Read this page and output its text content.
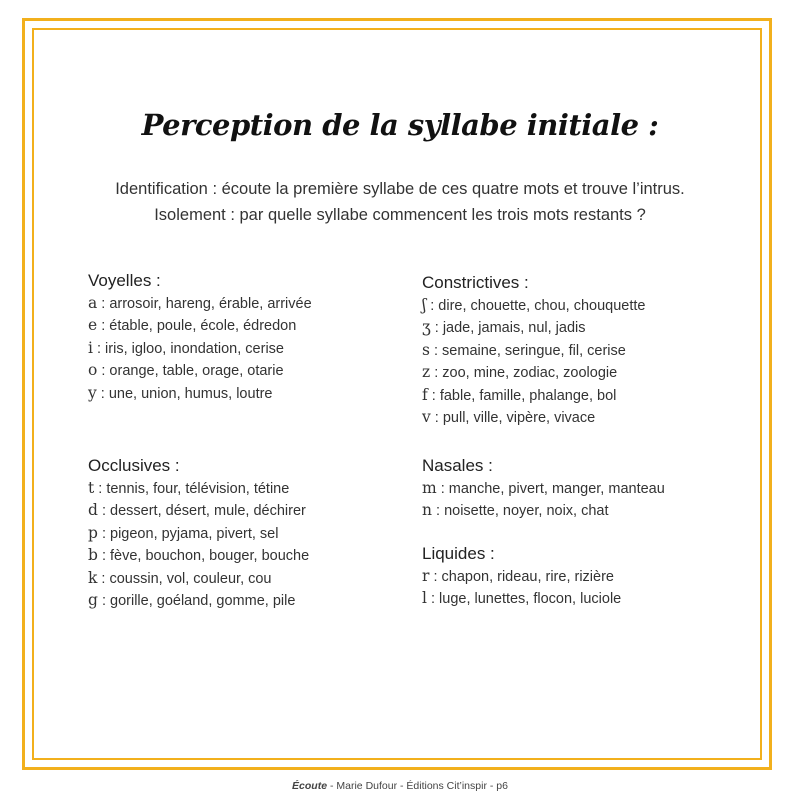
Perception de la syllabe initiale :
Identification : écoute la première syllabe de ces quatre mots et trouve l’intrus.
Isolement : par quelle syllabe commencent les trois mots restants ?
Voyelles :
a : arrosoir, hareng, érable, arrivée
e : étable, poule, école, édredon
i : iris, igloo, inondation, cerise
o : orange, table, orage, otarie
y : une, union, humus, loutre
Constrictives :
ʃ : dire, chouette, chou, chouquette
ʒ : jade, jamais, nul, jadis
s : semaine, seringue, fil, cerise
z : zoo, mine, zodiac, zoologie
f : fable, famille, phalange, bol
v : pull, ville, vipère, vivace
Occlusives :
t : tennis, four, télévision, tétine
d : dessert, désert, mule, déchirer
p : pigeon, pyjama, pivert, sel
b : fève, bouchon, bouger, bouche
k : coussin, vol, couleur, cou
g : gorille, goéland, gomme, pile
Nasales :
m : manche, pivert, manger, manteau
n : noisette, noyer, noix, chat
Liquides :
r : chapon, rideau, rire, rizière
l : luge, lunettes, flocon, luciole
Écoute - Marie Dufour - Éditions Cit’inspir - p6
